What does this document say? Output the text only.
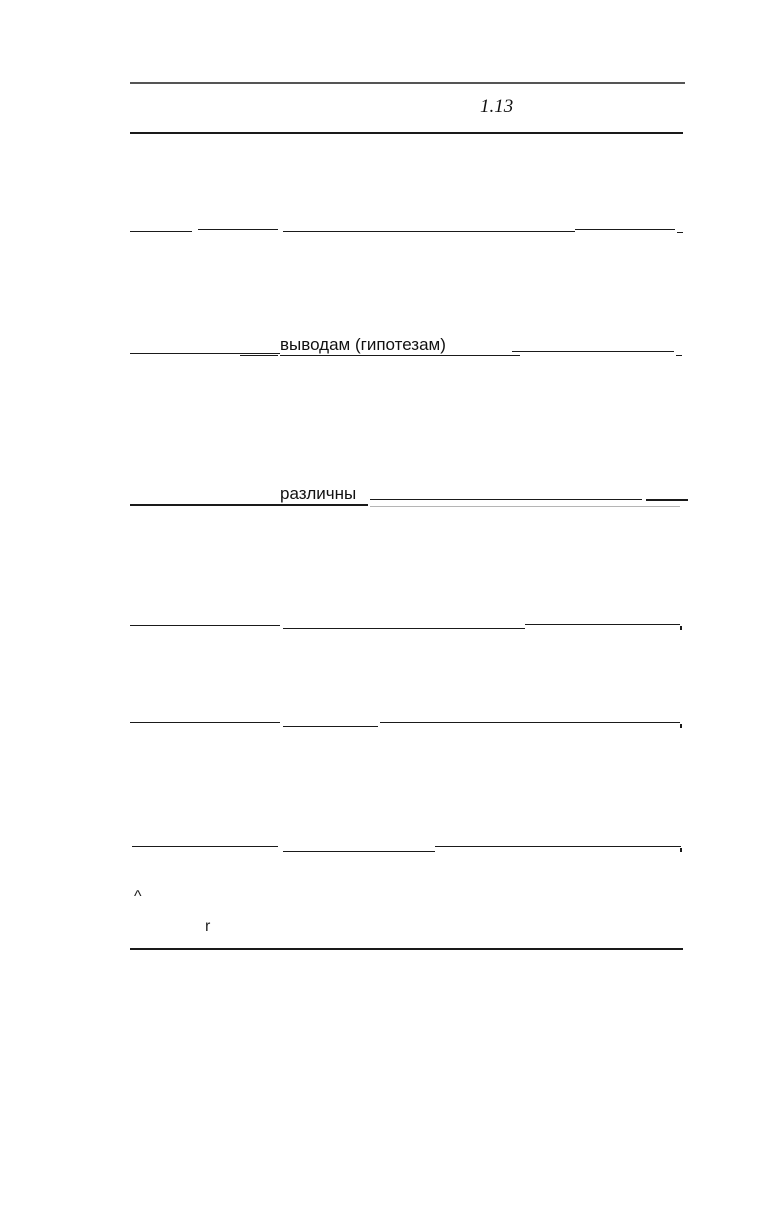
1.13
выводам (гипотезам)
различны
^
r
